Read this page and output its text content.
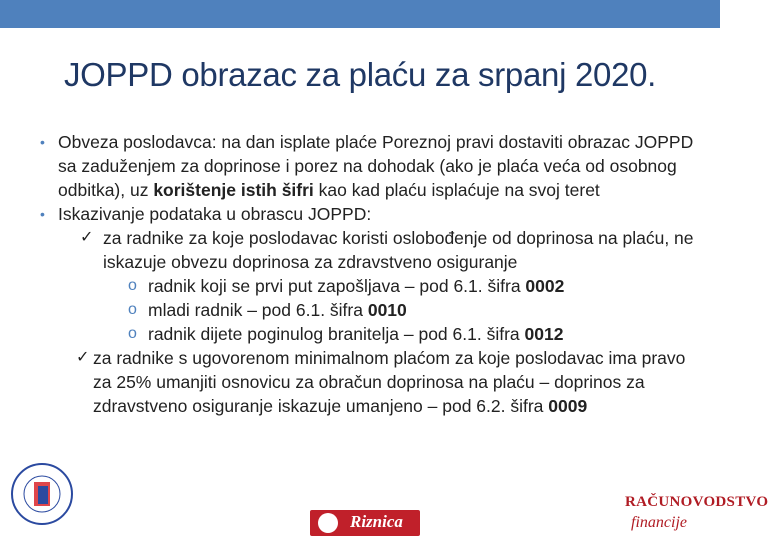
JOPPD obrazac za plaću za srpanj 2020.
• Obveza poslodavca: na dan isplate plaće Poreznoj pravi dostaviti obrazac JOPPD sa zaduženjem za doprinose i porez na dohodak (ako je plaća veća od osobnog odbitka), uz korištenje istih šifri kao kad plaću isplaćuje na svoj teret
• Iskazivanje podataka u obrascu JOPPD:
✓ za radnike za koje poslodavac koristi oslobođenje od doprinosa na plaću, ne iskazuje obvezu doprinosa za zdravstveno osiguranje
o radnik koji se prvi put zapošljava – pod 6.1. šifra 0002
o mladi radnik – pod 6.1. šifra 0010
o radnik dijete poginulog branitelja – pod 6.1. šifra 0012
✓ za radnike s ugovorenom minimalnom plaćom za koje poslodavac ima pravo za 25% umanjiti osnovicu za obračun doprinosa na plaću – doprinos za zdravstveno osiguranje iskazuje umanjeno – pod 6.2. šifra 0009
Riznica
RAČUNOVODSTVO
financije
